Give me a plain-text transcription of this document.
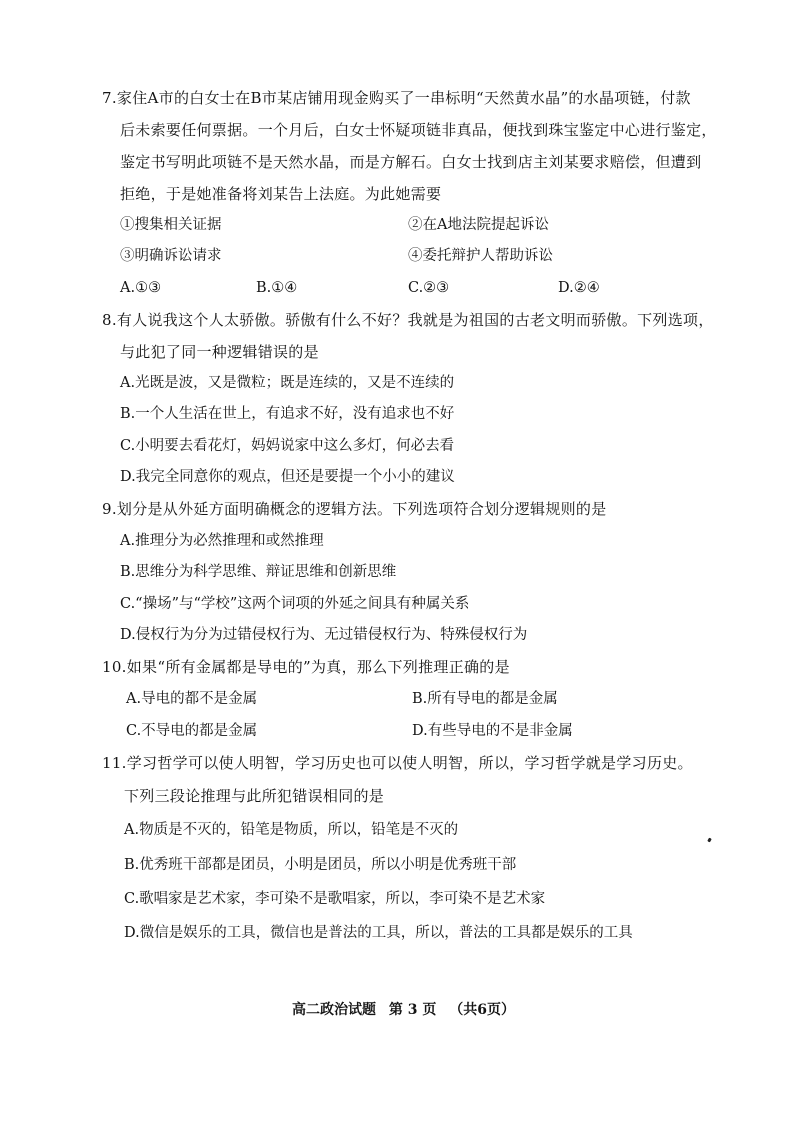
7.家住A市的白女士在B市某店铺用现金购买了一串标明“天然黄水晶”的水晶项链，付款
后未索要任何票据。一个月后，白女士怀疑项链非真品，便找到珠宝鉴定中心进行鉴定，
鉴定书写明此项链不是天然水晶，而是方解石。白女士找到店主刘某要求赔偿，但遭到
拒绝，于是她准备将刘某告上法庭。为此她需要
①搜集相关证据	②在A地法院提起诉讼
③明确诉讼请求	④委托辩护人帮助诉讼
A.①③	B.①④	C.②③	D.②④
8.有人说我这个人太骄傲。骄傲有什么不好？我就是为祖国的古老文明而骄傲。下列选项，
与此犯了同一种逻辑错误的是
A.光既是波，又是微粒；既是连续的，又是不连续的
B.一个人生活在世上，有追求不好，没有追求也不好
C.小明要去看花灯，妈妈说家中这么多灯，何必去看
D.我完全同意你的观点，但还是要提一个小小的建议
9.划分是从外延方面明确概念的逻辑方法。下列选项符合划分逻辑规则的是
A.推理分为必然推理和或然推理
B.思维分为科学思维、辩证思维和创新思维
C.“操场”与“学校”这两个词项的外延之间具有种属关系
D.侵权行为分为过错侵权行为、无过错侵权行为、特殊侵权行为
10.如果“所有金属都是导电的”为真，那么下列推理正确的是
A.导电的都不是金属	B.所有导电的都是金属
C.不导电的都是金属	D.有些导电的不是非金属
11.学习哲学可以使人明智，学习历史也可以使人明智，所以，学习哲学就是学习历史。
下列三段论推理与此所犯错误相同的是
A.物质是不灭的，铅笔是物质，所以，铅笔是不灭的
B.优秀班干部都是团员，小明是团员，所以小明是优秀班干部
C.歌唱家是艺术家，李可染不是歌唱家，所以，李可染不是艺术家
D.微信是娱乐的工具，微信也是普法的工具，所以，普法的工具都是娱乐的工具
高二政治试题 第 3 页 （共6页）
